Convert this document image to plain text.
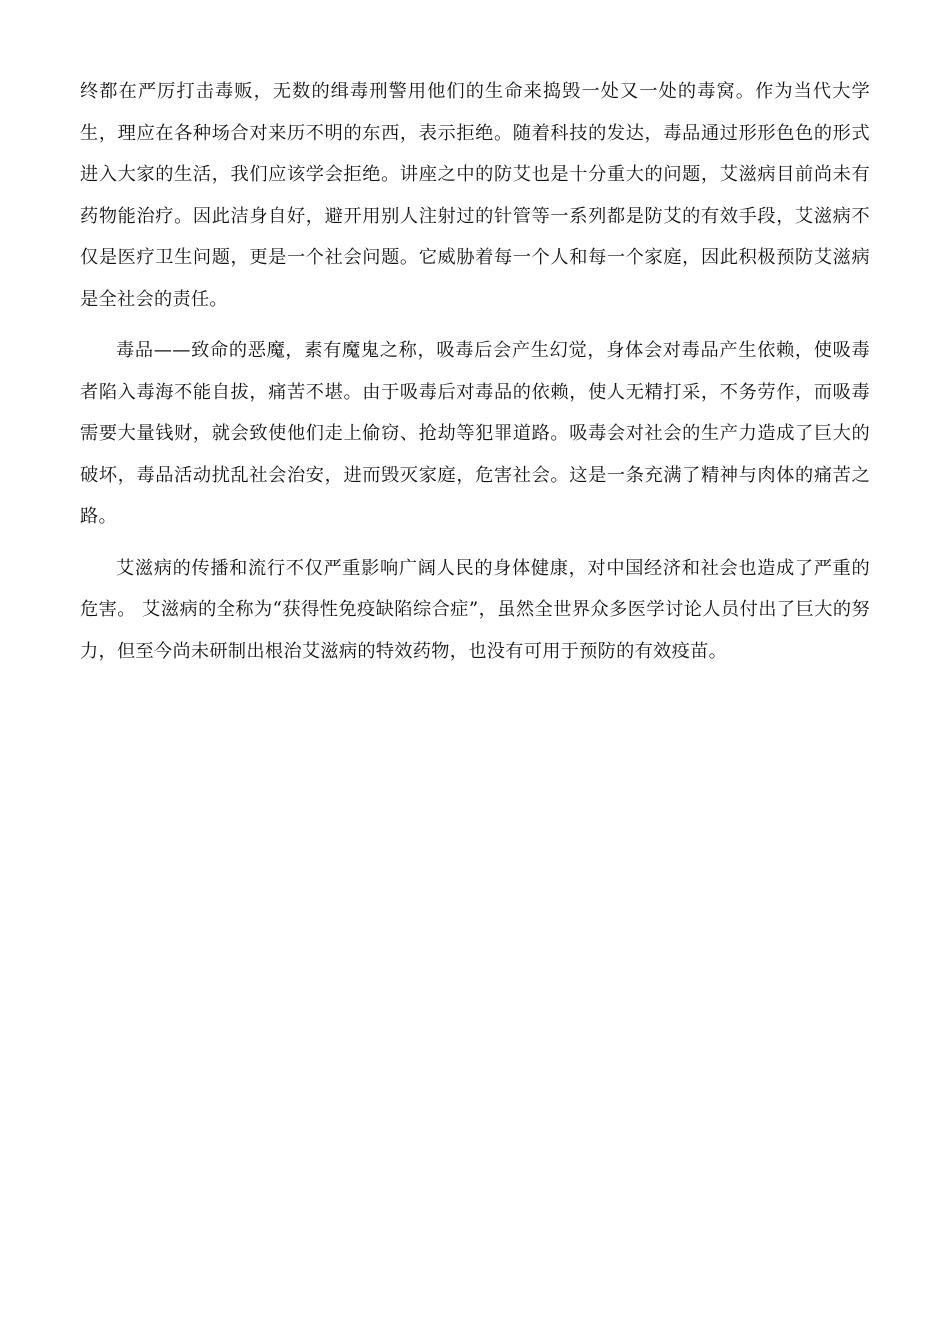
终都在严厉打击毒贩，无数的缉毒刑警用他们的生命来捣毁一处又一处的毒窝。作为当代大学生，理应在各种场合对来历不明的东西，表示拒绝。随着科技的发达，毒品通过形形色色的形式进入大家的生活，我们应该学会拒绝。讲座之中的防艾也是十分重大的问题，艾滋病目前尚未有药物能治疗。因此洁身自好，避开用别人注射过的针管等一系列都是防艾的有效手段，艾滋病不仅是医疗卫生问题，更是一个社会问题。它威胁着每一个人和每一个家庭，因此积极预防艾滋病是全社会的责任。

毒品——致命的恶魔，素有魔鬼之称，吸毒后会产生幻觉，身体会对毒品产生依赖，使吸毒者陷入毒海不能自拔，痛苦不堪。由于吸毒后对毒品的依赖，使人无精打采，不务劳作，而吸毒需要大量钱财，就会致使他们走上偷窃、抢劫等犯罪道路。吸毒会对社会的生产力造成了巨大的破坏，毒品活动扰乱社会治安，进而毁灭家庭，危害社会。这是一条充满了精神与肉体的痛苦之路。

艾滋病的传播和流行不仅严重影响广阔人民的身体健康，对中国经济和社会也造成了严重的危害。 艾滋病的全称为“获得性免疫缺陷综合症”，虽然全世界众多医学讨论人员付出了巨大的努力，但至今尚未研制出根治艾滋病的特效药物，也没有可用于预防的有效疫苗。
